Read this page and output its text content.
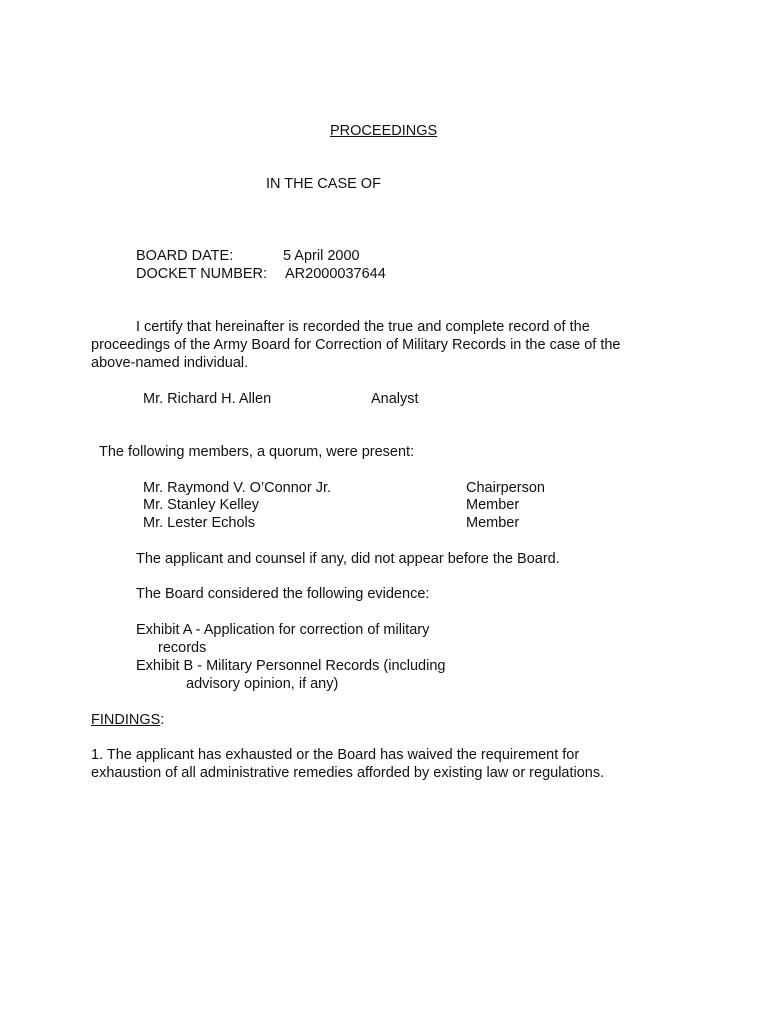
PROCEEDINGS
IN THE CASE OF
BOARD DATE:	5 April 2000
DOCKET NUMBER: AR2000037644
I certify that hereinafter is recorded the true and complete record of the proceedings of the Army Board for Correction of Military Records in the case of the above-named individual.
Mr. Richard H. Allen	Analyst
The following members, a quorum, were present:
Mr. Raymond V. O’Connor Jr.	Chairperson
Mr. Stanley Kelley	Member
Mr. Lester Echols	Member
The applicant and counsel if any, did not appear before the Board.
The Board considered the following evidence:
Exhibit A - Application for correction of military
records
Exhibit B - Military Personnel Records (including
advisory opinion, if any)
FINDINGS:
1. The applicant has exhausted or the Board has waived the requirement for exhaustion of all administrative remedies afforded by existing law or regulations.
